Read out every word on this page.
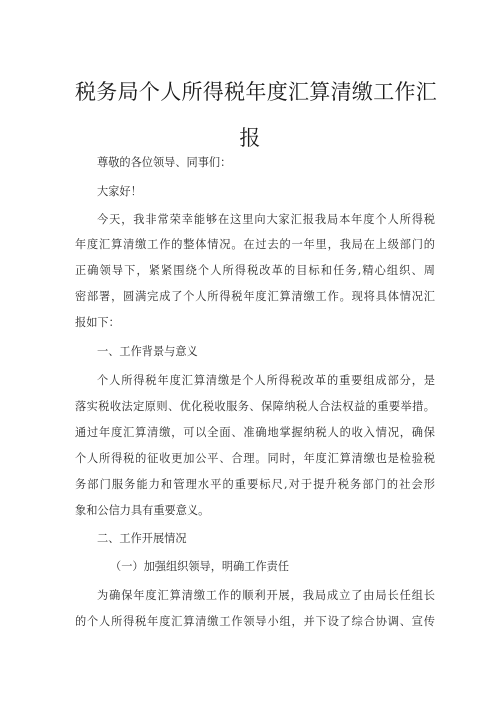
税务局个人所得税年度汇算清缴工作汇
报
尊敬的各位领导、同事们：
大家好！
今天，我非常荣幸能够在这里向大家汇报我局本年度个人所得税
年度汇算清缴工作的整体情况。在过去的一年里，我局在上级部门的
正确领导下，紧紧围绕个人所得税改革的目标和任务,精心组织、周
密部署，圆满完成了个人所得税年度汇算清缴工作。现将具体情况汇
报如下：
一、工作背景与意义
个人所得税年度汇算清缴是个人所得税改革的重要组成部分，是
落实税收法定原则、优化税收服务、保障纳税人合法权益的重要举措。
通过年度汇算清缴，可以全面、准确地掌握纳税人的收入情况，确保
个人所得税的征收更加公平、合理。同时，年度汇算清缴也是检验税
务部门服务能力和管理水平的重要标尺,对于提升税务部门的社会形
象和公信力具有重要意义。
二、工作开展情况
（一）加强组织领导，明确工作责任
为确保年度汇算清缴工作的顺利开展，我局成立了由局长任组长
的个人所得税年度汇算清缴工作领导小组，并下设了综合协调、宣传
